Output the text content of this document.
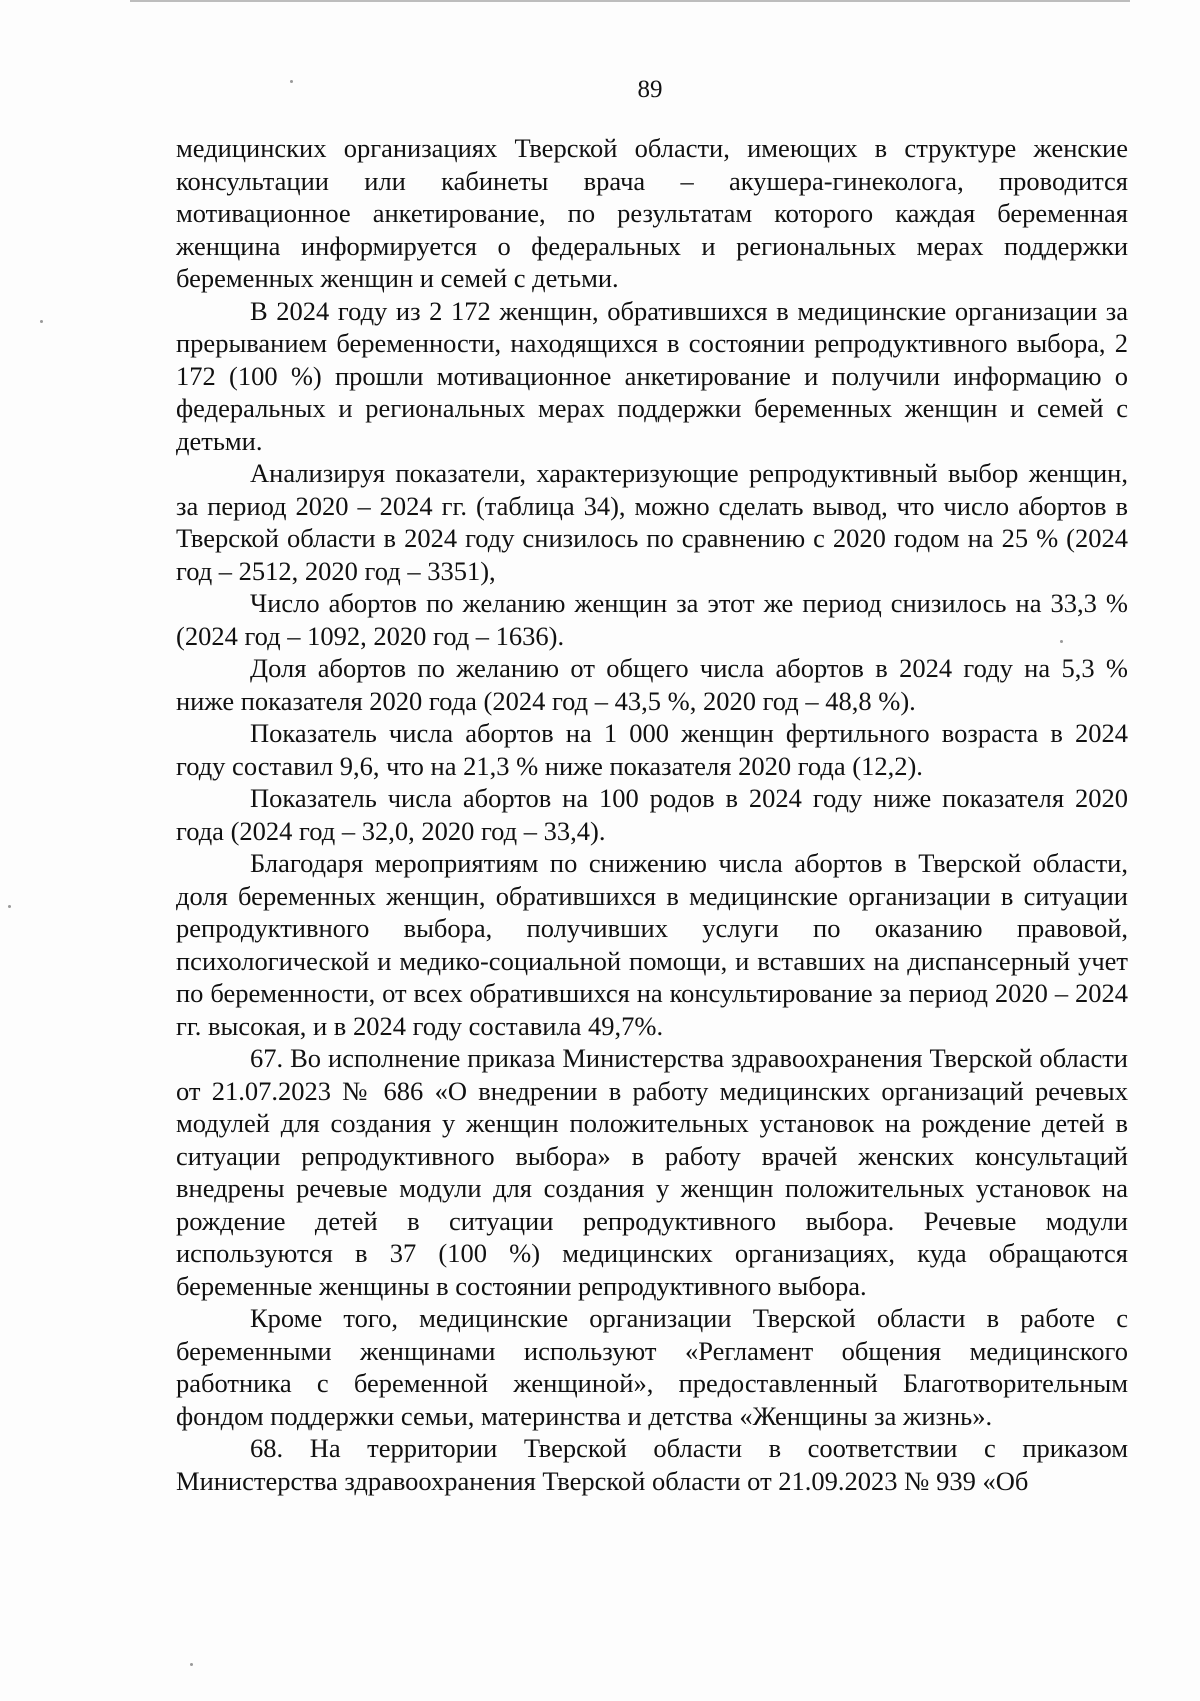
89

медицинских организациях Тверской области, имеющих в структуре женские консультации или кабинеты врача – акушера-гинеколога, проводится мотивационное анкетирование, по результатам которого каждая беременная женщина информируется о федеральных и региональных мерах поддержки беременных женщин и семей с детьми.

В 2024 году из 2 172 женщин, обратившихся в медицинские организации за прерыванием беременности, находящихся в состоянии репродуктивного выбора, 2 172 (100 %) прошли мотивационное анкетирование и получили информацию о федеральных и региональных мерах поддержки беременных женщин и семей с детьми.

Анализируя показатели, характеризующие репродуктивный выбор женщин, за период 2020 – 2024 гг. (таблица 34), можно сделать вывод, что число абортов в Тверской области в 2024 году снизилось по сравнению с 2020 годом на 25 % (2024 год – 2512, 2020 год – 3351),

Число абортов по желанию женщин за этот же период снизилось на 33,3 % (2024 год – 1092, 2020 год – 1636).

Доля абортов по желанию от общего числа абортов в 2024 году на 5,3 % ниже показателя 2020 года (2024 год – 43,5 %, 2020 год – 48,8 %).

Показатель числа абортов на 1 000 женщин фертильного возраста в 2024 году составил 9,6, что на 21,3 % ниже показателя 2020 года (12,2).

Показатель числа абортов на 100 родов в 2024 году ниже показателя 2020 года (2024 год – 32,0, 2020 год – 33,4).

Благодаря мероприятиям по снижению числа абортов в Тверской области, доля беременных женщин, обратившихся в медицинские организации в ситуации репродуктивного выбора, получивших услуги по оказанию правовой, психологической и медико-социальной помощи, и вставших на диспансерный учет по беременности, от всех обратившихся на консультирование за период 2020 – 2024 гг. высокая, и в 2024 году составила 49,7%.

67. Во исполнение приказа Министерства здравоохранения Тверской области от 21.07.2023 № 686 «О внедрении в работу медицинских организаций речевых модулей для создания у женщин положительных установок на рождение детей в ситуации репродуктивного выбора» в работу врачей женских консультаций внедрены речевые модули для создания у женщин положительных установок на рождение детей в ситуации репродуктивного выбора. Речевые модули используются в 37 (100 %) медицинских организациях, куда обращаются беременные женщины в состоянии репродуктивного выбора.

Кроме того, медицинские организации Тверской области в работе с беременными женщинами используют «Регламент общения медицинского работника с беременной женщиной», предоставленный Благотворительным фондом поддержки семьи, материнства и детства «Женщины за жизнь».

68. На территории Тверской области в соответствии с приказом Министерства здравоохранения Тверской области от 21.09.2023 № 939 «Об
